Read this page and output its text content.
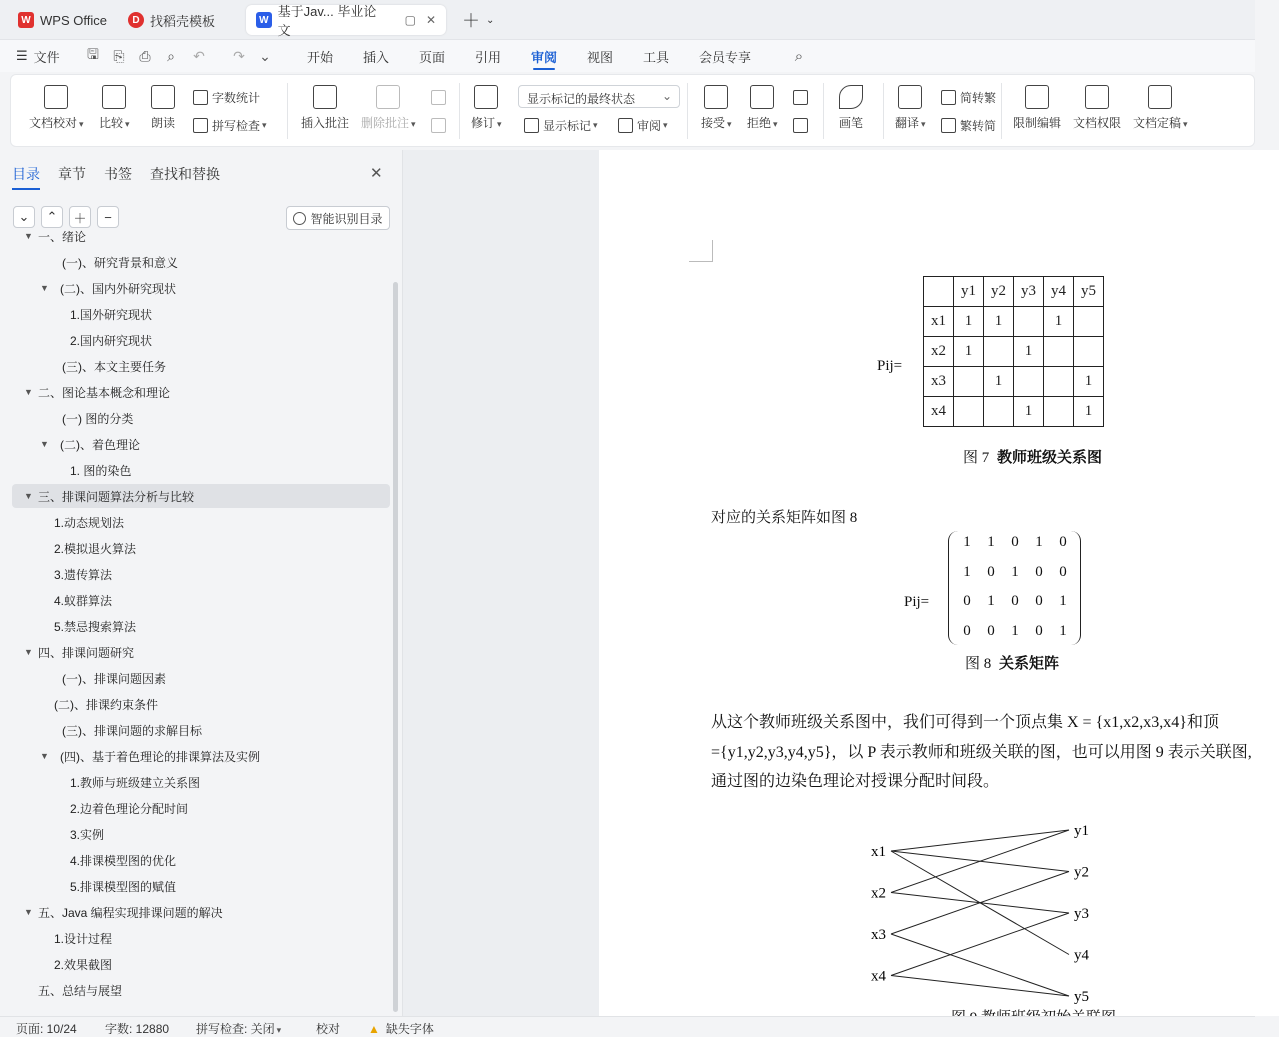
W WPS Office	D 找稻壳模板	W
基于Jav... 毕业论文
▢ ✕ ＋ ⌄
☰ 文件 🖫 ⎘ ⎙	⌕	↶ ↷ ⌄	开始 插入 页面 引用 审阅 视图 工具 会员专享	⌕
文档校对 ▾ 比较 ▾ 朗读
字数统计
拼写检查 ▾	插入批注 删除批注 ▾	修订 ▾
显示标记的最终状态 ⌄
显示标记 ▾	审阅 ▾	接受 ▾ 拒绝 ▾	画笔	翻译 ▾
简转繁
繁转简 限制编辑 文档权限 文档定稿 ▾
目录 章节 书签 查找和替换	✕
⌄ ⌃ ＋ −	智能识别目录
▼ 一、绪论
(一)、研究背景和意义
▼ (二)、国内外研究现状
1.国外研究现状
2.国内研究现状
(三)、本文主要任务
▼ 二、图论基本概念和理论
(一) 图的分类
▼ (二)、着色理论
1. 图的染色
▼ 三、排课问题算法分析与比较
1.动态规划法
2.模拟退火算法
3.遗传算法
4.蚁群算法
5.禁忌搜索算法
▼ 四、排课问题研究
(一)、排课问题因素
(二)、排课约束条件
(三)、排课问题的求解目标
▼ (四)、基于着色理论的排课算法及实例
1.教师与班级建立关系图
2.边着色理论分配时间
3.实例
4.排课模型图的优化
5.排课模型图的赋值
▼ 五、Java 编程实现排课问题的解决
1.设计过程
2.效果截图
五、总结与展望
Pij=
	y1	y2	y3	y4	y5
x1	1	1		1	
x2	1		1		
x3		1			1
x4			1		1
图 7 教师班级关系图
对应的关系矩阵如图 8
Pij=
1	1	0	1	0
1	0	1	0	0
0	1	0	0	1
0	0	1	0	1
图 8 关系矩阵
从这个教师班级关系图中，我们可得到一个顶点集 X = {x1,x2,x3,x4}和顶
={y1,y2,y3,y4,y5}，以 P 表示教师和班级关联的图，也可以用图 9 表示关联图,
通过图的边染色理论对授课分配时间段。
x1
x2
x3
x4
y1
y2
y3
y4
y5
页面: 10/24 字数: 12880 拼写检查: 关闭 ▾	校对 ▲ 缺失字体
